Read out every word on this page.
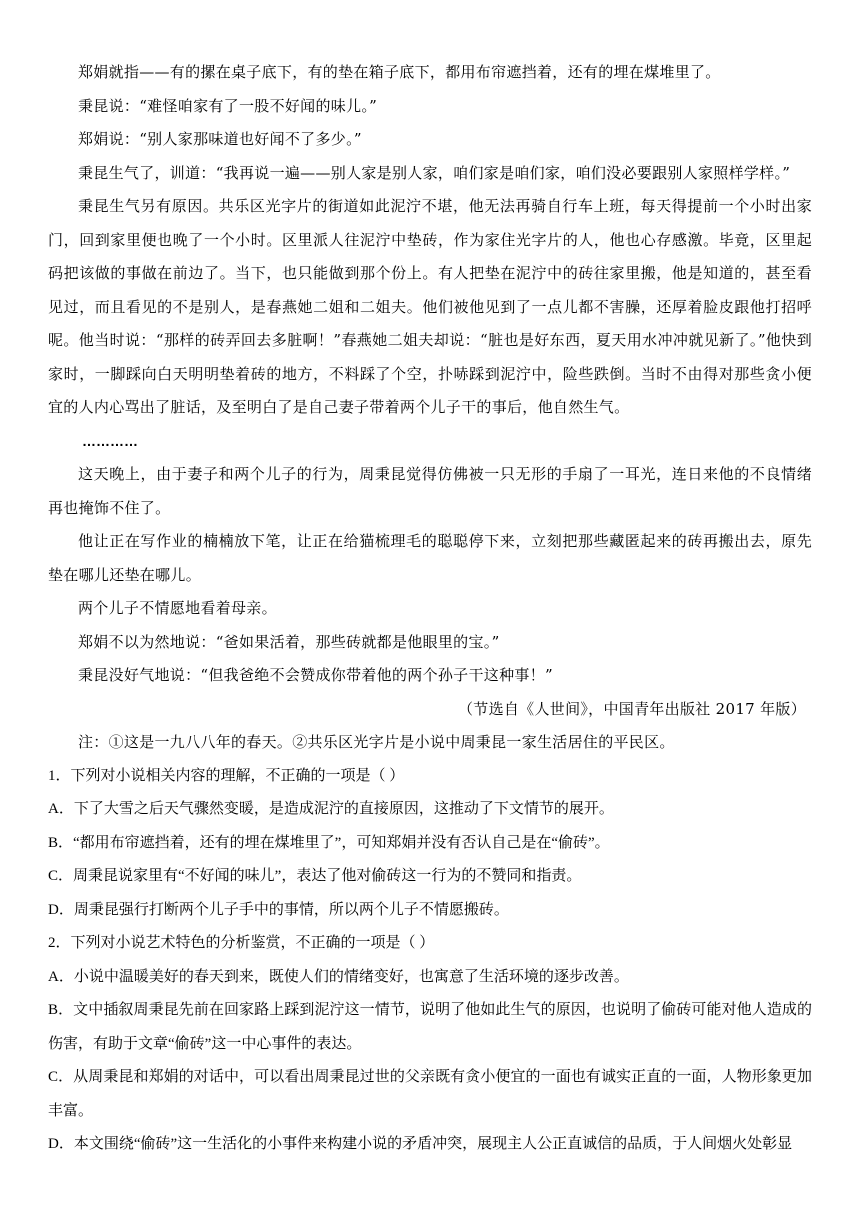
郑娟就指——有的摞在桌子底下，有的垫在箱子底下，都用布帘遮挡着，还有的埋在煤堆里了。

秉昆说：“难怪咱家有了一股不好闻的味儿。”

郑娟说：“别人家那味道也好闻不了多少。”

秉昆生气了，训道：“我再说一遍——别人家是别人家，咱们家是咱们家，咱们没必要跟别人家照样学样。”

秉昆生气另有原因。共乐区光字片的街道如此泥泞不堪，他无法再骑自行车上班，每天得提前一个小时出家门，回到家里便也晚了一个小时。区里派人往泥泞中垫砖，作为家住光字片的人，他也心存感激。毕竟，区里起码把该做的事做在前边了。当下，也只能做到那个份上。有人把垫在泥泞中的砖往家里搬，他是知道的，甚至看见过，而且看见的不是别人，是春燕她二姐和二姐夫。他们被他见到了一点儿都不害臊，还厚着脸皮跟他打招呼呢。他当时说：“那样的砖弄回去多脏啊！”春燕她二姐夫却说：“脏也是好东西，夏天用水冲冲就见新了。”他快到家时，一脚踩向白天明明垫着砖的地方，不料踩了个空，扑哧踩到泥泞中，险些跌倒。当时不由得对那些贪小便宜的人内心骂出了脏话，及至明白了是自己妻子带着两个儿子干的事后，他自然生气。

…………

这天晚上，由于妻子和两个儿子的行为，周秉昆觉得仿佛被一只无形的手扇了一耳光，连日来他的不良情绪再也掩饰不住了。

他让正在写作业的楠楠放下笔，让正在给猫梳理毛的聪聪停下来，立刻把那些藏匿起来的砖再搬出去，原先垫在哪儿还垫在哪儿。

两个儿子不情愿地看着母亲。

郑娟不以为然地说：“爸如果活着，那些砖就都是他眼里的宝。”

秉昆没好气地说：“但我爸绝不会赞成你带着他的两个孙子干这种事！”

（节选自《人世间》，中国青年出版社 2017 年版）

注：①这是一九八八年的春天。②共乐区光字片是小说中周秉昆一家生活居住的平民区。

1．下列对小说相关内容的理解，不正确的一项是（ ）

A．下了大雪之后天气骤然变暖，是造成泥泞的直接原因，这推动了下文情节的展开。

B．“都用布帘遮挡着，还有的埋在煤堆里了”，可知郑娟并没有否认自己是在“偷砖”。

C．周秉昆说家里有“不好闻的味儿”，表达了他对偷砖这一行为的不赞同和指责。

D．周秉昆强行打断两个儿子手中的事情，所以两个儿子不情愿搬砖。

2．下列对小说艺术特色的分析鉴赏，不正确的一项是（ ）

A．小说中温暖美好的春天到来，既使人们的情绪变好，也寓意了生活环境的逐步改善。

B．文中插叙周秉昆先前在回家路上踩到泥泞这一情节，说明了他如此生气的原因，也说明了偷砖可能对他人造成的伤害，有助于文章“偷砖”这一中心事件的表达。

C．从周秉昆和郑娟的对话中，可以看出周秉昆过世的父亲既有贪小便宜的一面也有诚实正直的一面，人物形象更加丰富。

D．本文围绕“偷砖”这一生活化的小事件来构建小说的矛盾冲突，展现主人公正直诚信的品质，于人间烟火处彰显
